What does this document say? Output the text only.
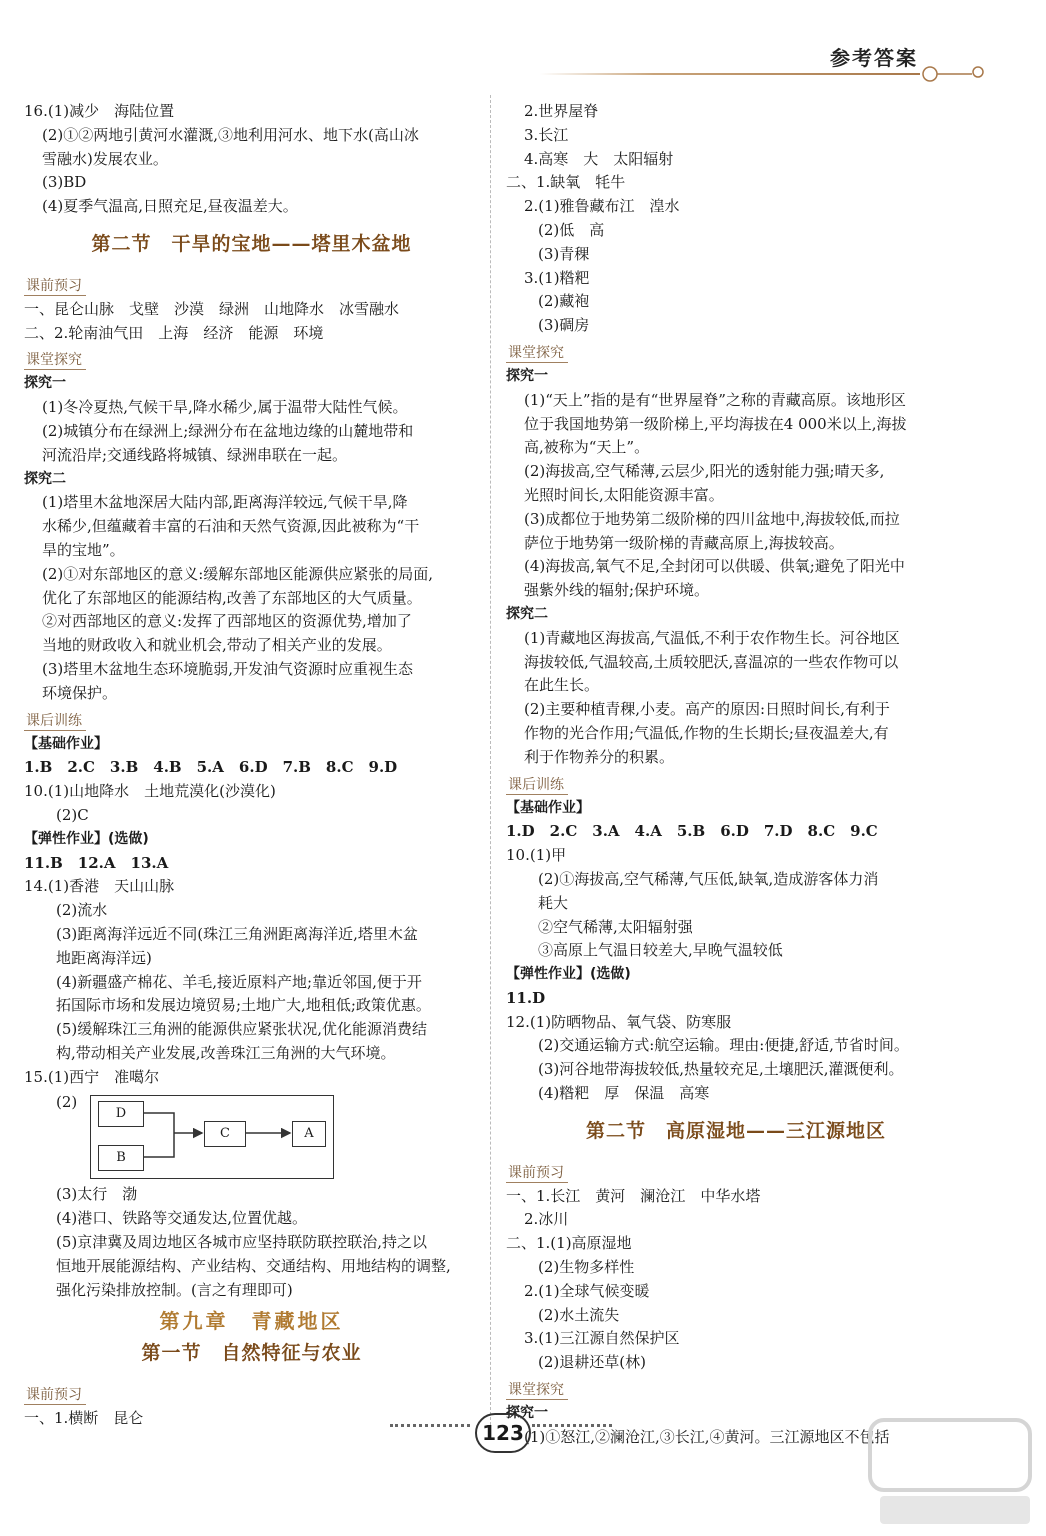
参考答案
16.(1)减少　海陆位置
(2)①②两地引黄河水灌溉,③地利用河水、地下水(高山冰
雪融水)发展农业。
(3)BD
(4)夏季气温高,日照充足,昼夜温差大。
第二节　干旱的宝地——塔里木盆地
课前预习
一、昆仑山脉　戈壁　沙漠　绿洲　山地降水　冰雪融水
二、2.轮南油气田　上海　经济　能源　环境
课堂探究
探究一
(1)冬冷夏热,气候干旱,降水稀少,属于温带大陆性气候。
(2)城镇分布在绿洲上;绿洲分布在盆地边缘的山麓地带和
河流沿岸;交通线路将城镇、绿洲串联在一起。
探究二
(1)塔里木盆地深居大陆内部,距离海洋较远,气候干旱,降
水稀少,但蕴藏着丰富的石油和天然气资源,因此被称为“干
旱的宝地”。
(2)①对东部地区的意义:缓解东部地区能源供应紧张的局面,
优化了东部地区的能源结构,改善了东部地区的大气质量。
②对西部地区的意义:发挥了西部地区的资源优势,增加了
当地的财政收入和就业机会,带动了相关产业的发展。
(3)塔里木盆地生态环境脆弱,开发油气资源时应重视生态
环境保护。
课后训练
【基础作业】
1.B　2.C　3.B　4.B　5.A　6.D　7.B　8.C　9.D
10.(1)山地降水　土地荒漠化(沙漠化)
(2)C
【弹性作业】(选做)
11.B　12.A　13.A
14.(1)香港　天山山脉
(2)流水
(3)距离海洋远近不同(珠江三角洲距离海洋近,塔里木盆
地距离海洋远)
(4)新疆盛产棉花、羊毛,接近原料产地;靠近邻国,便于开
拓国际市场和发展边境贸易;土地广大,地租低;政策优惠。
(5)缓解珠江三角洲的能源供应紧张状况,优化能源消费结
构,带动相关产业发展,改善珠江三角洲的大气环境。
15.(1)西宁　准噶尔
(2)
D
B
C	A
(3)太行　渤
(4)港口、铁路等交通发达,位置优越。
(5)京津冀及周边地区各城市应坚持联防联控联治,持之以
恒地开展能源结构、产业结构、交通结构、用地结构的调整,
强化污染排放控制。(言之有理即可)
第九章　青藏地区
第一节　自然特征与农业
课前预习
一、1.横断　昆仑
2.世界屋脊
3.长江
4.高寒　大　太阳辐射
二、1.缺氧　牦牛
2.(1)雅鲁藏布江　湟水
(2)低　高
(3)青稞
3.(1)糌粑
(2)藏袍
(3)碉房
课堂探究
探究一
(1)“天上”指的是有“世界屋脊”之称的青藏高原。该地形区
位于我国地势第一级阶梯上,平均海拔在4 000米以上,海拔
高,被称为“天上”。
(2)海拔高,空气稀薄,云层少,阳光的透射能力强;晴天多,
光照时间长,太阳能资源丰富。
(3)成都位于地势第二级阶梯的四川盆地中,海拔较低,而拉
萨位于地势第一级阶梯的青藏高原上,海拔较高。
(4)海拔高,氧气不足,全封闭可以供暖、供氧;避免了阳光中
强紫外线的辐射;保护环境。
探究二
(1)青藏地区海拔高,气温低,不利于农作物生长。河谷地区
海拔较低,气温较高,土质较肥沃,喜温凉的一些农作物可以
在此生长。
(2)主要种植青稞,小麦。高产的原因:日照时间长,有利于
作物的光合作用;气温低,作物的生长期长;昼夜温差大,有
利于作物养分的积累。
课后训练
【基础作业】
1.D　2.C　3.A　4.A　5.B　6.D　7.D　8.C　9.C
10.(1)甲
(2)①海拔高,空气稀薄,气压低,缺氧,造成游客体力消
耗大
②空气稀薄,太阳辐射强
③高原上气温日较差大,早晚气温较低
【弹性作业】(选做)
11.D
12.(1)防晒物品、氧气袋、防寒服
(2)交通运输方式:航空运输。理由:便捷,舒适,节省时间。
(3)河谷地带海拔较低,热量较充足,土壤肥沃,灌溉便利。
(4)糌粑　厚　保温　高寒
第二节　高原湿地——三江源地区
课前预习
一、1.长江　黄河　澜沧江　中华水塔
2.冰川
二、1.(1)高原湿地
(2)生物多样性
2.(1)全球气候变暖
(2)水土流失
3.(1)三江源自然保护区
(2)退耕还草(林)
课堂探究
探究一
(1)①怒江,②澜沧江,③长江,④黄河。三江源地区不包括
123
